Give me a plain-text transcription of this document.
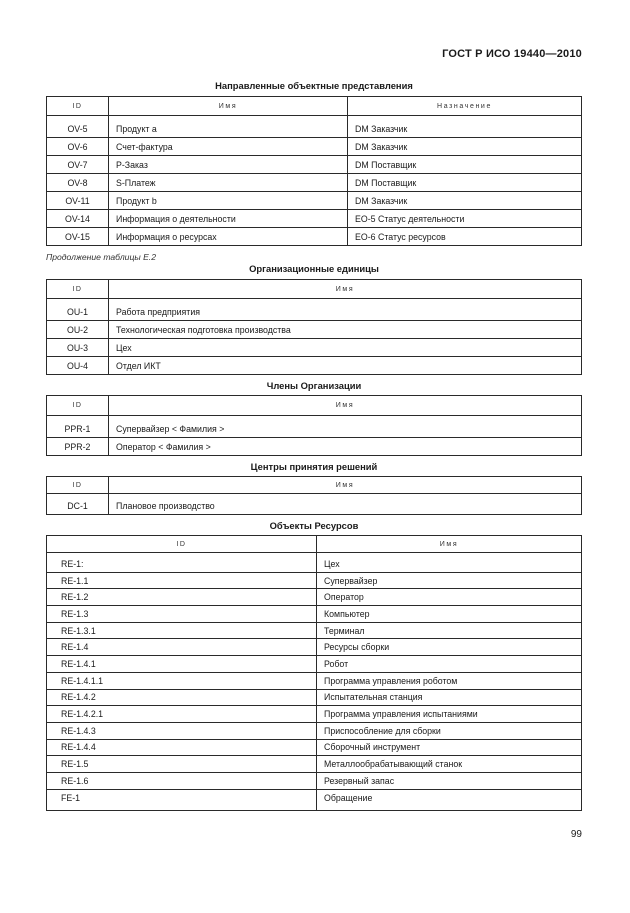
ГОСТ Р ИСО 19440—2010
Направленные объектные представления
ID	Имя	Назначение
OV-5	Продукт a	DM Заказчик
OV-6	Счет-фактура	DM Заказчик
OV-7	Р-Заказ	DM Поставщик
OV-8	S-Платеж	DM Поставщик
OV-11	Продукт b	DM Заказчик
OV-14	Информация о деятельности	EO-5 Статус деятельности
OV-15	Информация о ресурсах	EO-6 Статус ресурсов
Продолжение таблицы Е.2
Организационные единицы
ID	Имя
OU-1	Работа предприятия
OU-2	Технологическая подготовка производства
OU-3	Цех
OU-4	Отдел ИКТ
Члены Организации
ID	Имя
PPR-1	Супервайзер < Фамилия >
PPR-2	Оператор < Фамилия >
Центры принятия решений
ID	Имя
DC-1	Плановое производство
Объекты Ресурсов
ID	Имя
RE-1:	Цех
RE-1.1	Супервайзер
RE-1.2	Оператор
RE-1.3	Компьютер
RE-1.3.1	Терминал
RE-1.4	Ресурсы сборки
RE-1.4.1	Робот
RE-1.4.1.1	Программа управления роботом
RE-1.4.2	Испытательная станция
RE-1.4.2.1	Программа управления испытаниями
RE-1.4.3	Приспособление для сборки
RE-1.4.4	Сборочный инструмент
RE-1.5	Металлообрабатывающий станок
RE-1.6	Резервный запас
FE-1	Обращение
99
